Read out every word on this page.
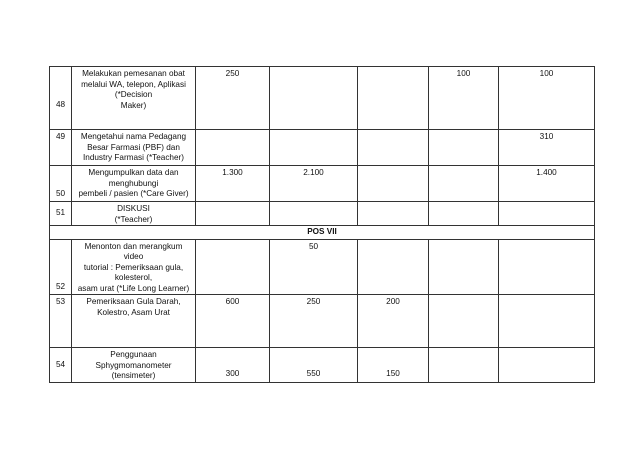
48	Melakukan pemesanan obat
melalui WA, telepon, Aplikasi
(*Decision
Maker)	250			100	100
49	Mengetahui nama Pedagang
Besar Farmasi (PBF) dan
Industry Farmasi (*Teacher)					310
50	Mengumpulkan data dan
menghubungi
pembeli / pasien (*Care Giver)	1.300	2.100			1.400
51	DISKUSI
(*Teacher)					
POS VII						
52	Menonton dan merangkum video
tutorial : Pemeriksaan gula,
kolesterol,
asam urat (*Life Long Learner)		50			
53	Pemeriksaan Gula Darah,
Kolestro, Asam Urat	600	250	200		
54	Penggunaan
Sphygmomanometer (tensimeter)	300	550	150		
